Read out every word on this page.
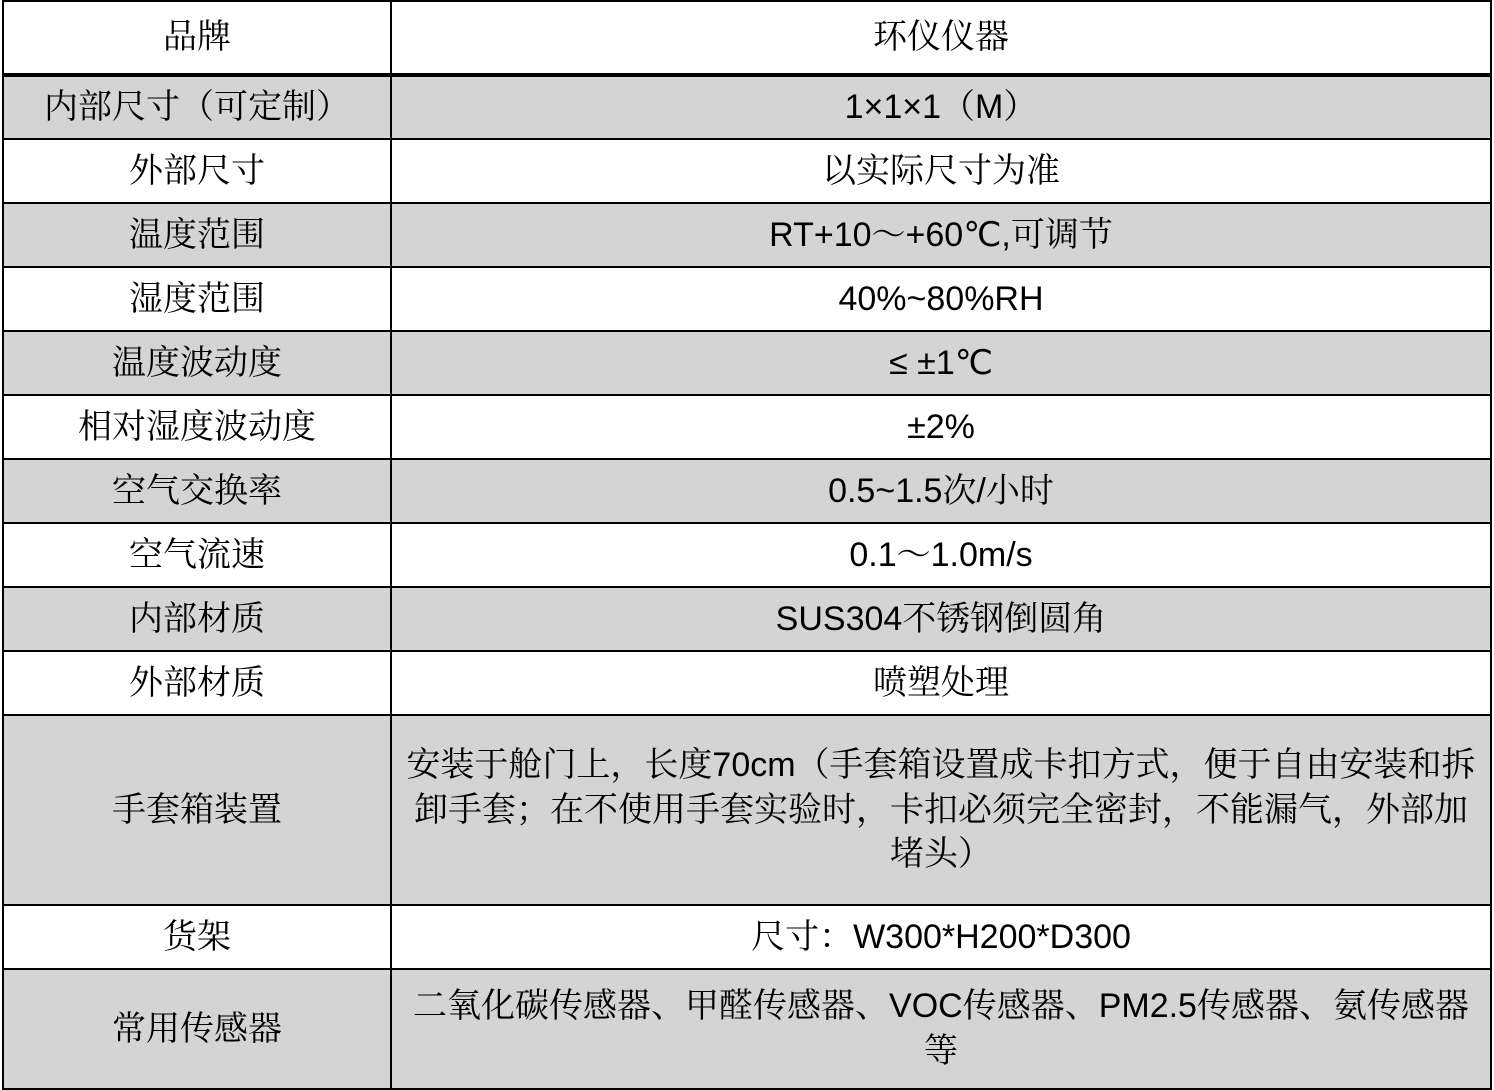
品牌	环仪仪器
内部尺寸（可定制）	1×1×1（M）
外部尺寸	以实际尺寸为准
温度范围	RT+10～+60℃,可调节
湿度范围	40%~80%RH
温度波动度	≤ ±1℃
相对湿度波动度	±2%
空气交换率	0.5~1.5次/小时
空气流速	0.1～1.0m/s
内部材质	SUS304不锈钢倒圆角
外部材质	喷塑处理
手套箱装置	安装于舱门上，长度70cm（手套箱设置成卡扣方式，便于自由安装和拆卸手套；在不使用手套实验时，卡扣必须完全密封，不能漏气，外部加堵头）
货架	尺寸：W300*H200*D300
常用传感器	二氧化碳传感器、甲醛传感器、VOC传感器、PM2.5传感器、氨传感器等
